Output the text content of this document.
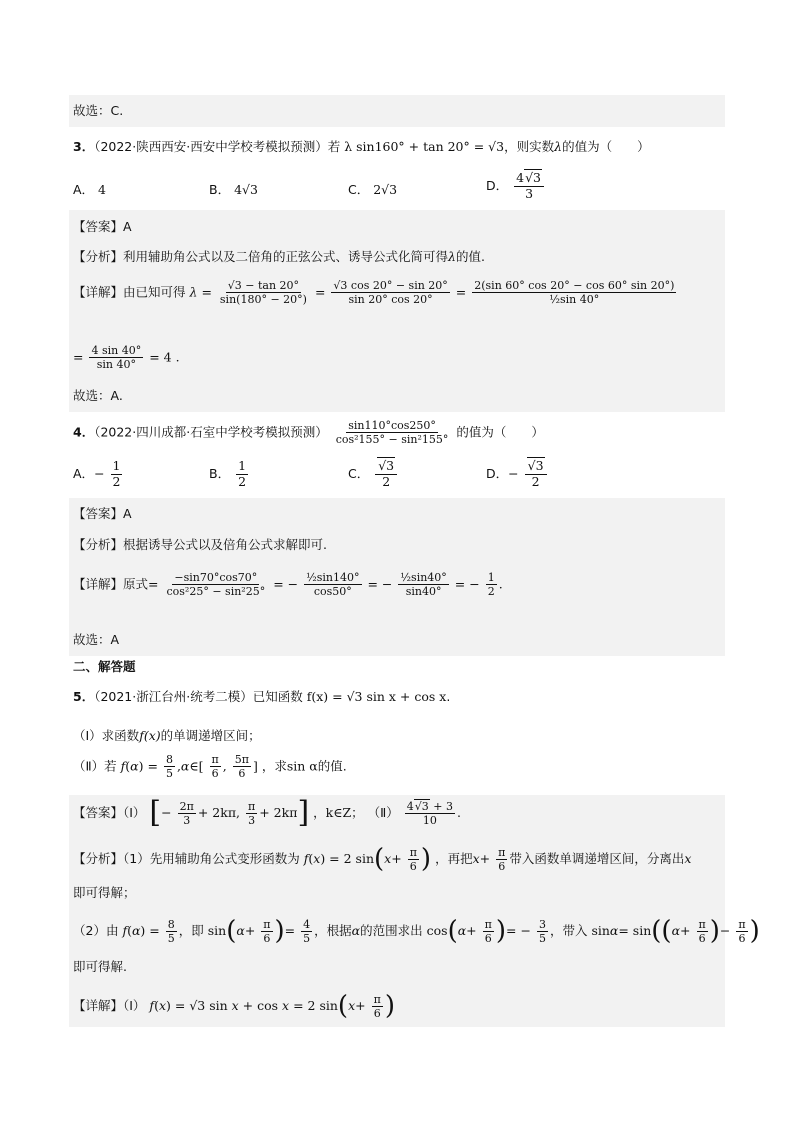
故选：C.
3．（2022·陕西西安·西安中学校考模拟预测）若 λ sin160° + tan 20° = √3，则实数λ的值为（　　）
A． 4	B． 4√3	C． 2√3	D． $\frac{4√3}{3}$
【答案】A
【分析】利用辅助角公式以及二倍角的正弦公式、诱导公式化简可得λ的值.
【详解】由已知可得 $\lambda = \frac{√3 - \tan 20^\circ}{\sin(180^\circ - 20^\circ)} = \frac{√3 \cos 20^\circ - \sin 20^\circ}{\sin 20^\circ \cos 20^\circ} = \frac{2(\sin 60^\circ \cos 20^\circ - \cos 60^\circ \sin 20^\circ)}{\text{½sin 40°}}$
= $\frac{4 \sin 40^\circ}{\sin 40^\circ} = 4$ .
故选：A.
4．（2022·四川成都·石室中学校考模拟预测） $\frac{\sin 110^\circ\cos 250^\circ}{\text{cos²155° − sin²155°}}$ 的值为（　　）
A．− $\frac{1}{2}$	B． $\frac{1}{2}$	C． $\frac{√3}{2}$	D．− $\frac{√3}{2}$
【答案】A
【分析】根据诱导公式以及倍角公式求解即可.
【详解】原式= $\frac{-\sin 70^\circ\cos 70^\circ}{\text{cos²25° − sin²25°}}$ = − $\frac{\text{½sin140°}}{\cos 50^\circ}$ = − $\frac{\text{½sin40°}}{\sin 40^\circ}$ = − $\frac{1}{2}$ .
故选：A
二、解答题
5．（2021·浙江台州·统考二模）已知函数 f(x) = √3 sin x + cos x.
（Ⅰ）求函数f(x)的单调递增区间；
（Ⅱ）若 $f(\alpha) = \frac{8}{5}$ ,α∈[ $\frac{\pi}{6}$ , $\frac{5\pi}{6}$ ] ，求sin α的值.
【答案】（Ⅰ） [− $\frac{2\pi}{3} + 2k\pi$, $\frac{\pi}{3} + 2k\pi$] ，k∈Z； （Ⅱ） $\frac{4√3 + 3}{10}$ .
【分析】（1）先用辅助角公式变形函数为 f(x) = 2 $\sin(x+ \frac{\pi}{6}$ ) ，再把$x+ \frac{\pi}{6}$ 带入函数单调递增区间，分离出x
即可得解；
（2）由 $f(\alpha) = \frac{8}{5}$ ，即 $\sin(\alpha+ \frac{\pi}{6}$ )= $\frac{4}{5}$ ，根据α的范围求出 $\cos(\alpha+ \frac{\pi}{6}$ )= − $\frac{3}{5}$ ，带入 $\sin\alpha= \sin((\alpha+ \frac{\pi}{6}$ )− $\frac{\pi}{6}$ )
即可得解.
【详解】（Ⅰ） f(x) = √3 sin x + cos x = 2 $\sin(x+ \frac{\pi}{6}$ )
